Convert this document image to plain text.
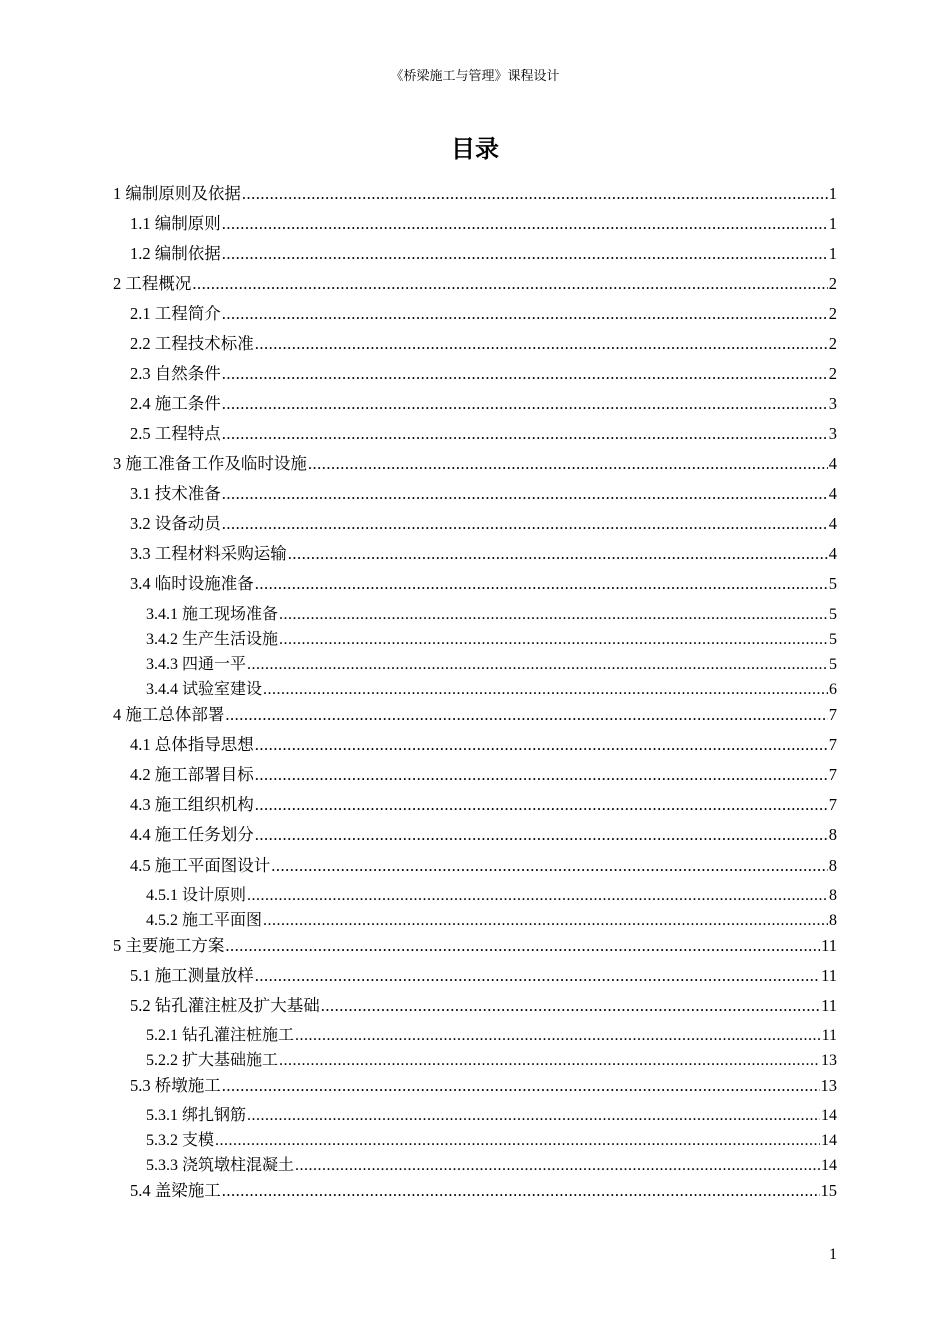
《桥梁施工与管理》课程设计
目录
1 编制原则及依据 .....	1
1.1 编制原则 .....	1
1.2 编制依据 .....	1
2 工程概况 .....	2
2.1 工程简介 .....	2
2.2 工程技术标准 .....	2
2.3 自然条件 .....	2
2.4 施工条件 .....	3
2.5 工程特点 .....	3
3 施工准备工作及临时设施 .....	4
3.1 技术准备 .....	4
3.2 设备动员 .....	4
3.3 工程材料采购运输 .....	4
3.4 临时设施准备 .....	5
3.4.1 施工现场准备 .....	5
3.4.2 生产生活设施 .....	5
3.4.3 四通一平 .....	5
3.4.4 试验室建设 .....	6
4 施工总体部署 .....	7
4.1 总体指导思想 .....	7
4.2 施工部署目标 .....	7
4.3 施工组织机构 .....	7
4.4 施工任务划分 .....	8
4.5 施工平面图设计 .....	8
4.5.1 设计原则 .....	8
4.5.2 施工平面图 .....	8
5 主要施工方案 .....	11
5.1 施工测量放样 .....	11
5.2 钻孔灌注桩及扩大基础 .....	11
5.2.1 钻孔灌注桩施工 .....	11
5.2.2 扩大基础施工 .....	13
5.3 桥墩施工 .....	13
5.3.1 绑扎钢筋 .....	14
5.3.2 支模 .....	14
5.3.3 浇筑墩柱混凝土 .....	14
5.4 盖梁施工 .....	15
1
